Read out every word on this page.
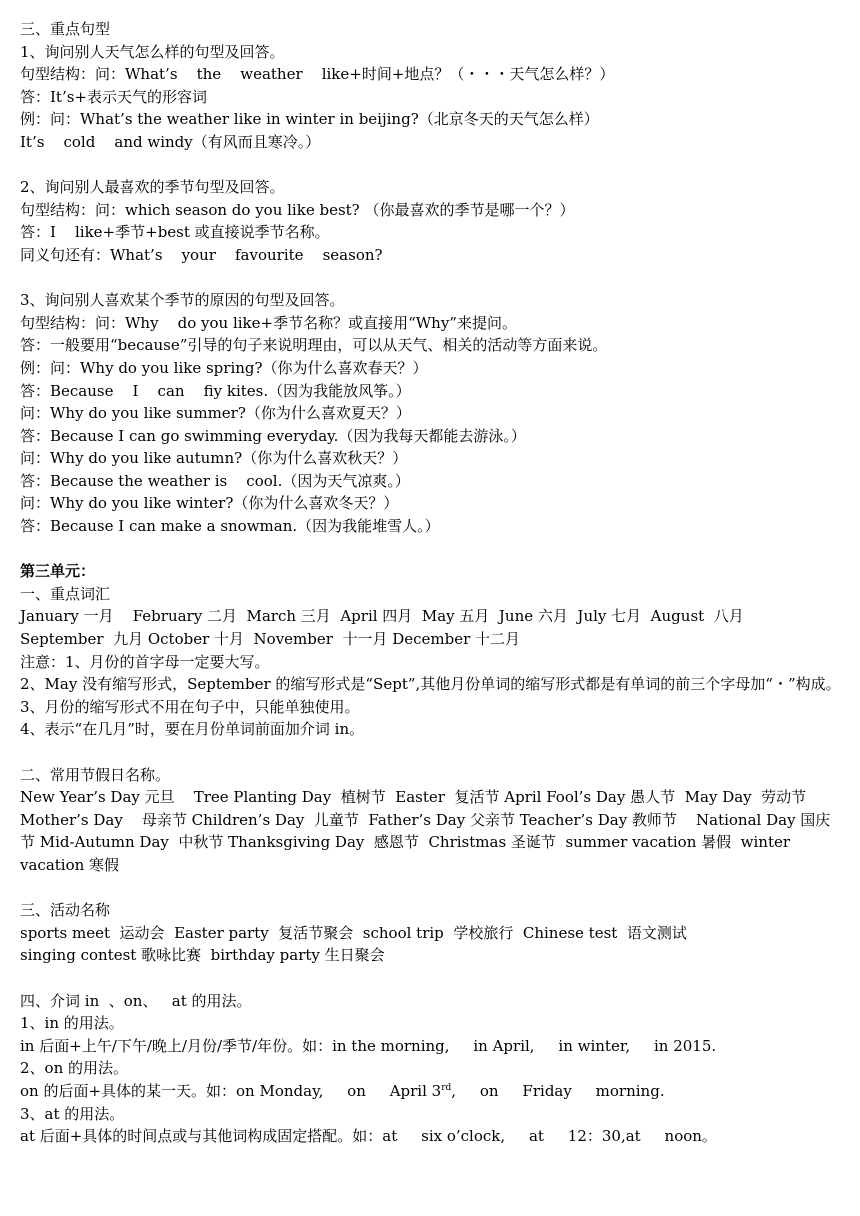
三、重点句型
1、询问别人天气怎么样的句型及回答。
句型结构：问：What’s    the    weather    like+时间+地点？（・・・天气怎么样？）
答：It’s+表示天气的形容词
例：问：What’s the weather like in winter in beijing?（北京冬天的天气怎么样）
It’s    cold    and windy（有风而且寒冷。）
2、询问别人最喜欢的季节句型及回答。
句型结构：问：which season do you like best? （你最喜欢的季节是哪一个？）
答：I    like+季节+best 或直接说季节名称。
同义句还有：What’s    your    favourite    season?
3、询问别人喜欢某个季节的原因的句型及回答。
句型结构：问：Why    do you like+季节名称？或直接用“Why”来提问。
答：一般要用“because”引导的句子来说明理由，可以从天气、相关的活动等方面来说。
例：问：Why do you like spring?（你为什么喜欢春天？）
答：Because    I    can    fiy kites.（因为我能放风筝。）
问：Why do you like summer?（你为什么喜欢夏天？）
答：Because I can go swimming everyday.（因为我每天都能去游泳。）
问：Why do you like autumn?（你为什么喜欢秋天？）
答：Because the weather is    cool.（因为天气凉爽。）
问：Why do you like winter?（你为什么喜欢冬天？）
答：Because I can make a snowman.（因为我能堆雪人。）
第三单元：
一、重点词汇
January 一月    February 二月  March 三月  April 四月  May 五月  June 六月  July 七月  August  八月
September  九月 October 十月  November  十一月 December 十二月
注意：1、月份的首字母一定要大写。
2、May 没有缩写形式，September 的缩写形式是“Sept”,其他月份单词的缩写形式都是有单词的前三个字母加“・”构成。
3、月份的缩写形式不用在句子中，只能单独使用。
4、表示“在几月”时，要在月份单词前面加介词 in。
二、常用节假日名称。
New Year’s Day 元旦    Tree Planting Day  植树节  Easter  复活节 April Fool’s Day 愚人节  May Day  劳动节 Mother’s Day    母亲节 Children’s Day  儿童节  Father’s Day 父亲节 Teacher’s Day 教师节    National Day 国庆节 Mid-Autumn Day  中秋节 Thanksgiving Day  感恩节  Christmas 圣诞节  summer vacation 暑假  winter vacation 寒假
三、活动名称
sports meet  运动会  Easter party  复活节聚会  school trip  学校旅行  Chinese test  语文测试
singing contest 歌咏比赛  birthday party 生日聚会
四、介词 in  、on、   at 的用法。
1、in 的用法。
in 后面+上午/下午/晚上/月份/季节/年份。如：in the morning,     in April,     in winter,     in 2015.
2、on 的用法。
on 的后面+具体的某一天。如：on Monday,     on     April 3rd,     on     Friday     morning.
3、at 的用法。
at 后面+具体的时间点或与其他词构成固定搭配。如：at     six o’clock,     at     12：30,at     noon。
